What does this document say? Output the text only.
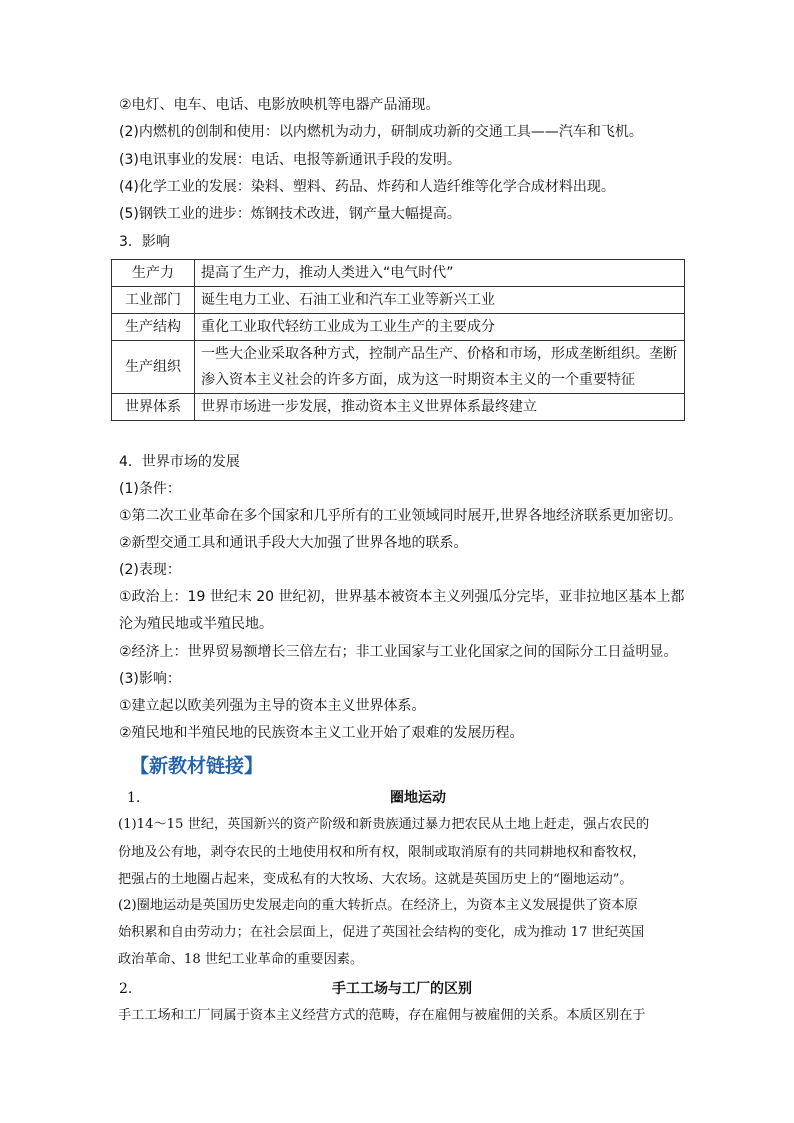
②电灯、电车、电话、电影放映机等电器产品涌现。
(2)内燃机的创制和使用：以内燃机为动力，研制成功新的交通工具——汽车和飞机。
(3)电讯事业的发展：电话、电报等新通讯手段的发明。
(4)化学工业的发展：染料、塑料、药品、炸药和人造纤维等化学合成材料出现。
(5)钢铁工业的进步：炼钢技术改进，钢产量大幅提高。
3．影响
生产力	提高了生产力，推动人类进入“电气时代”
工业部门	诞生电力工业、石油工业和汽车工业等新兴工业
生产结构	重化工业取代轻纺工业成为工业生产的主要成分
生产组织	一些大企业采取各种方式，控制产品生产、价格和市场，形成垄断组织。垄断
渗入资本主义社会的许多方面，成为这一时期资本主义的一个重要特征

世界体系	世界市场进一步发展，推动资本主义世界体系最终建立
4．世界市场的发展
(1)条件：
①第二次工业革命在多个国家和几乎所有的工业领域同时展开,世界各地经济联系更加密切。
②新型交通工具和通讯手段大大加强了世界各地的联系。
(2)表现：
①政治上：19 世纪末 20 世纪初，世界基本被资本主义列强瓜分完毕，亚非拉地区基本上都
沦为殖民地或半殖民地。
②经济上：世界贸易额增长三倍左右；非工业国家与工业化国家之间的国际分工日益明显。
(3)影响：
①建立起以欧美列强为主导的资本主义世界体系。
②殖民地和半殖民地的民族资本主义工业开始了艰难的发展历程。
【新教材链接】
1.	圈地运动
(1)14～15 世纪，英国新兴的资产阶级和新贵族通过暴力把农民从土地上赶走，强占农民的
份地及公有地，剥夺农民的土地使用权和所有权，限制或取消原有的共同耕地权和畜牧权，
把强占的土地圈占起来，变成私有的大牧场、大农场。这就是英国历史上的“圈地运动”。
(2)圈地运动是英国历史发展走向的重大转折点。在经济上，为资本主义发展提供了资本原
始积累和自由劳动力；在社会层面上，促进了英国社会结构的变化，成为推动 17 世纪英国
政治革命、18 世纪工业革命的重要因素。
2.	手工工场与工厂的区别
手工工场和工厂同属于资本主义经营方式的范畴，存在雇佣与被雇佣的关系。本质区别在于
